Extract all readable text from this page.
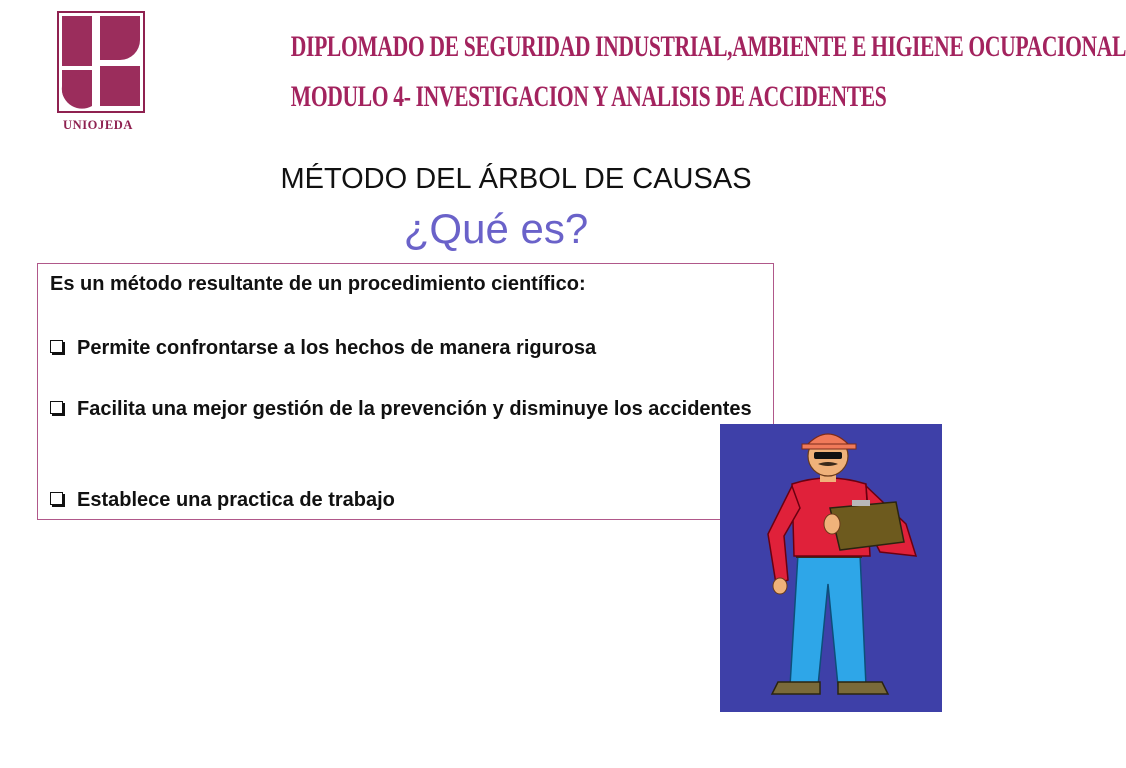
UNIOJEDA
DIPLOMADO DE SEGURIDAD INDUSTRIAL,AMBIENTE E HIGIENE OCUPACIONAL
MODULO 4- INVESTIGACION Y ANALISIS DE ACCIDENTES
MÉTODO DEL ÁRBOL DE CAUSAS
¿Qué es?
Es un método resultante de un procedimiento científico:
Permite confrontarse a los hechos de manera rigurosa
Facilita una mejor gestión de la prevención y disminuye los accidentes
Establece una practica de trabajo
